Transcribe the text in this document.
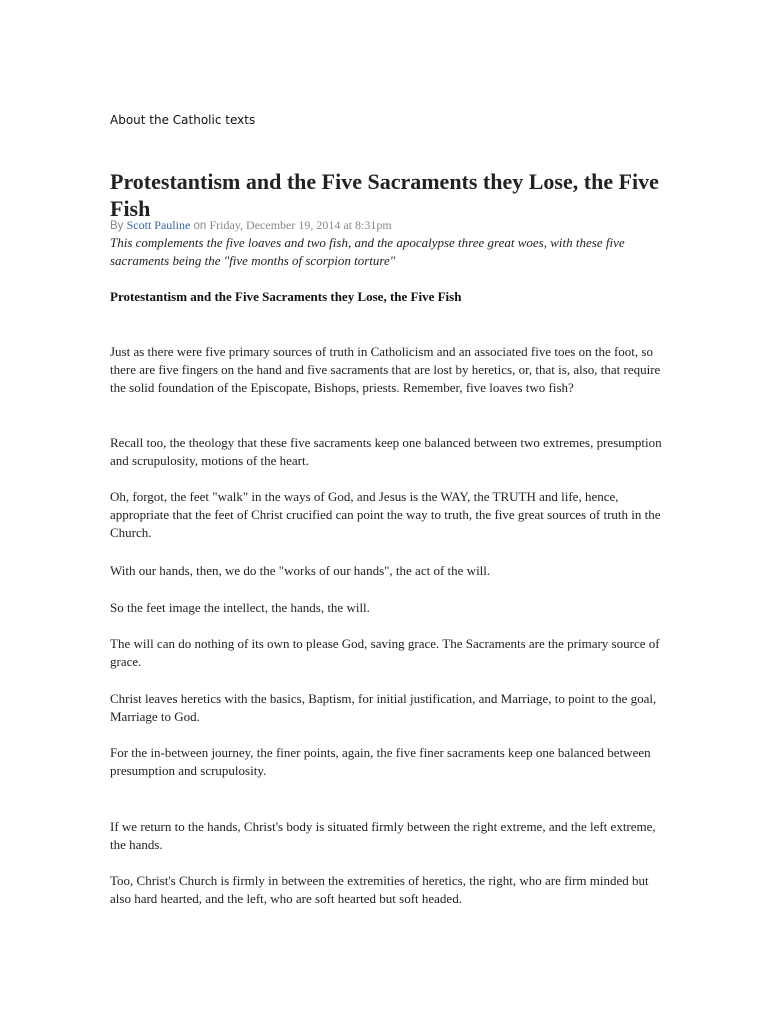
About the Catholic texts
Protestantism and the Five Sacraments they Lose, the Five Fish
By Scott Pauline on Friday, December 19, 2014 at 8:31pm

This complements the five loaves and two fish, and the apocalypse three great woes, with these five sacraments being the "five months of scorpion torture"

Protestantism and the Five Sacraments they Lose, the Five Fish

Just as there were five primary sources of truth in Catholicism and an associated five toes on the foot, so there are five fingers on the hand and five sacraments that are lost by heretics, or, that is, also, that require the solid foundation of the Episcopate, Bishops, priests. Remember, five loaves two fish?

Recall too, the theology that these five sacraments keep one balanced between two extremes, presumption and scrupulosity, motions of the heart.

Oh, forgot, the feet "walk" in the ways of God, and Jesus is the WAY, the TRUTH and life, hence, appropriate that the feet of Christ crucified can point the way to truth, the five great sources of truth in the Church.

With our hands, then, we do the "works of our hands", the act of the will.

So the feet image the intellect, the hands, the will.

The will can do nothing of its own to please God, saving grace. The Sacraments are the primary source of grace.

Christ leaves heretics with the basics, Baptism, for initial justification, and Marriage, to point to the goal, Marriage to God.

For the in-between journey, the finer points, again, the five finer sacraments keep one balanced between presumption and scrupulosity.

If we return to the hands, Christ's body is situated firmly between the right extreme, and the left extreme, the hands.

Too, Christ's Church is firmly in between the extremities of heretics, the right, who are firm minded but also hard hearted, and the left, who are soft hearted but soft headed.
